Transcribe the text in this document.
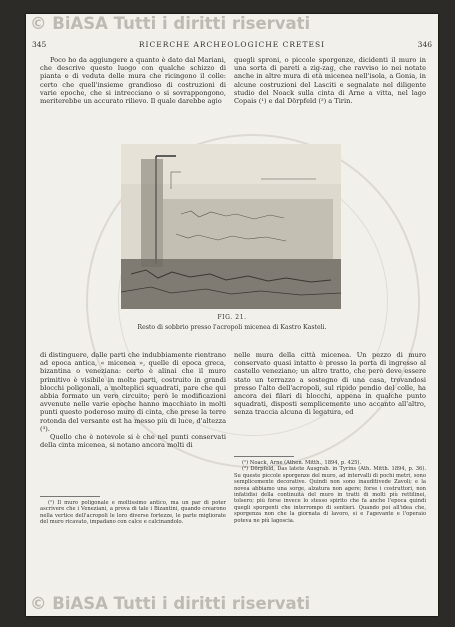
© BiASA Tutti i diritti riservati
345	RICERCHE ARCHEOLOGICHE CRETESI	346

Poco ho da aggiungere a quanto è dato dal Mariani, che descrive questo luogo con qualche schizzo di pianta e di veduta delle mura che ricingono il colle: certo che quell'insieme grandioso di costruzioni di varie epoche, che si intrecciano o si sovrappongono, meriterebbe un accurato rilievo. Il quale darebbe agio

quegli sproni, o piccole sporgenze, dicidenti il muro in una sorta di pareti a zig-zag, che ravviso io nei notate anche in altre mura di età micenea nell'isola, a Gonia, in alcune costruzioni del Lasciti e segnalate nel diligente studio del Noack sulla cinta di Arne a vitta, nel lago Copais (¹) e dal Dörpfeld (²) a Tirin.

FIG. 21.
Resto di sobbrio presso l'acropoli micenea di Kastro Kasteli.

di distinguere, dalle parti che indubbiamente rientrano ad epoca antica, « micenea », quelle di epoca greca, bizantina o veneziana: certo è alinai che il muro primitivo è visibile in molte parti, costruito in grandi blocchi poligonali, a molteplici squadrati, pare che qui abbia formato un vero circuito; però le modificazioni avvenute nelle varie epoche hanno macchiato in molti punti questo poderoso muro di cinta, che prese la terre rotonda del versante est ha messo più di luce, d'altezza (³).

Quello che è notevole si è che nel punti conservati della cinta micenea, si notano ancora molti di

nelle mura della città micenea. Un pezzo di muro conservato quasi intatto è presso la porta di ingresso al castello veneziano; un altro tratto, che però deve essere stato un terrazzo a sostegno di una casa, trovandosi presso l'alto dell'acropoli, sul ripido pendio del colle, ha ancora dei filari di blocchi, appena in qualche punto squadrati, disposti semplicemente uno accanto all'altro, senza traccia alcuna di legatura, ed

(¹) Il muro poligonale e moltissimo antico, ma un par di poter ascrivere che i Veneziani, a prova di tale i Bizantini, quando crearono nella vertice dell'acropoli le loro diverse fortezze, le parte migliorate del muro ricavato, impadano con calce e calcinandolo.

(¹) Noack, Arne (Athen. Mitth., 1894, p. 425).

(²) Dörpfeld, Das latete Ausgrab. in Tyrins (Ath. Mitth. 1894, p. 36). Su queste piccole sporgenze del muro, ad intervalli di pochi metri, sono semplicemente decorative. Quindi non sono inauditivede Zavoli; e la novea abbiamo una sorge, alzatura non agere; forse i costruttori, non infatidisi della continuità del muro in tratti di molti più rettilinei, tolsero; più forse invece lo stesso spirito che fa anche l'epoca quindi quegli sporgenti che interrompo di sentieri. Quando poi all'idea che, sporgenza non che la giornata di lavoro, si e l'agevante e l'operaio poteva ne più lagoscia.

© BiASA Tutti i diritti riservati
